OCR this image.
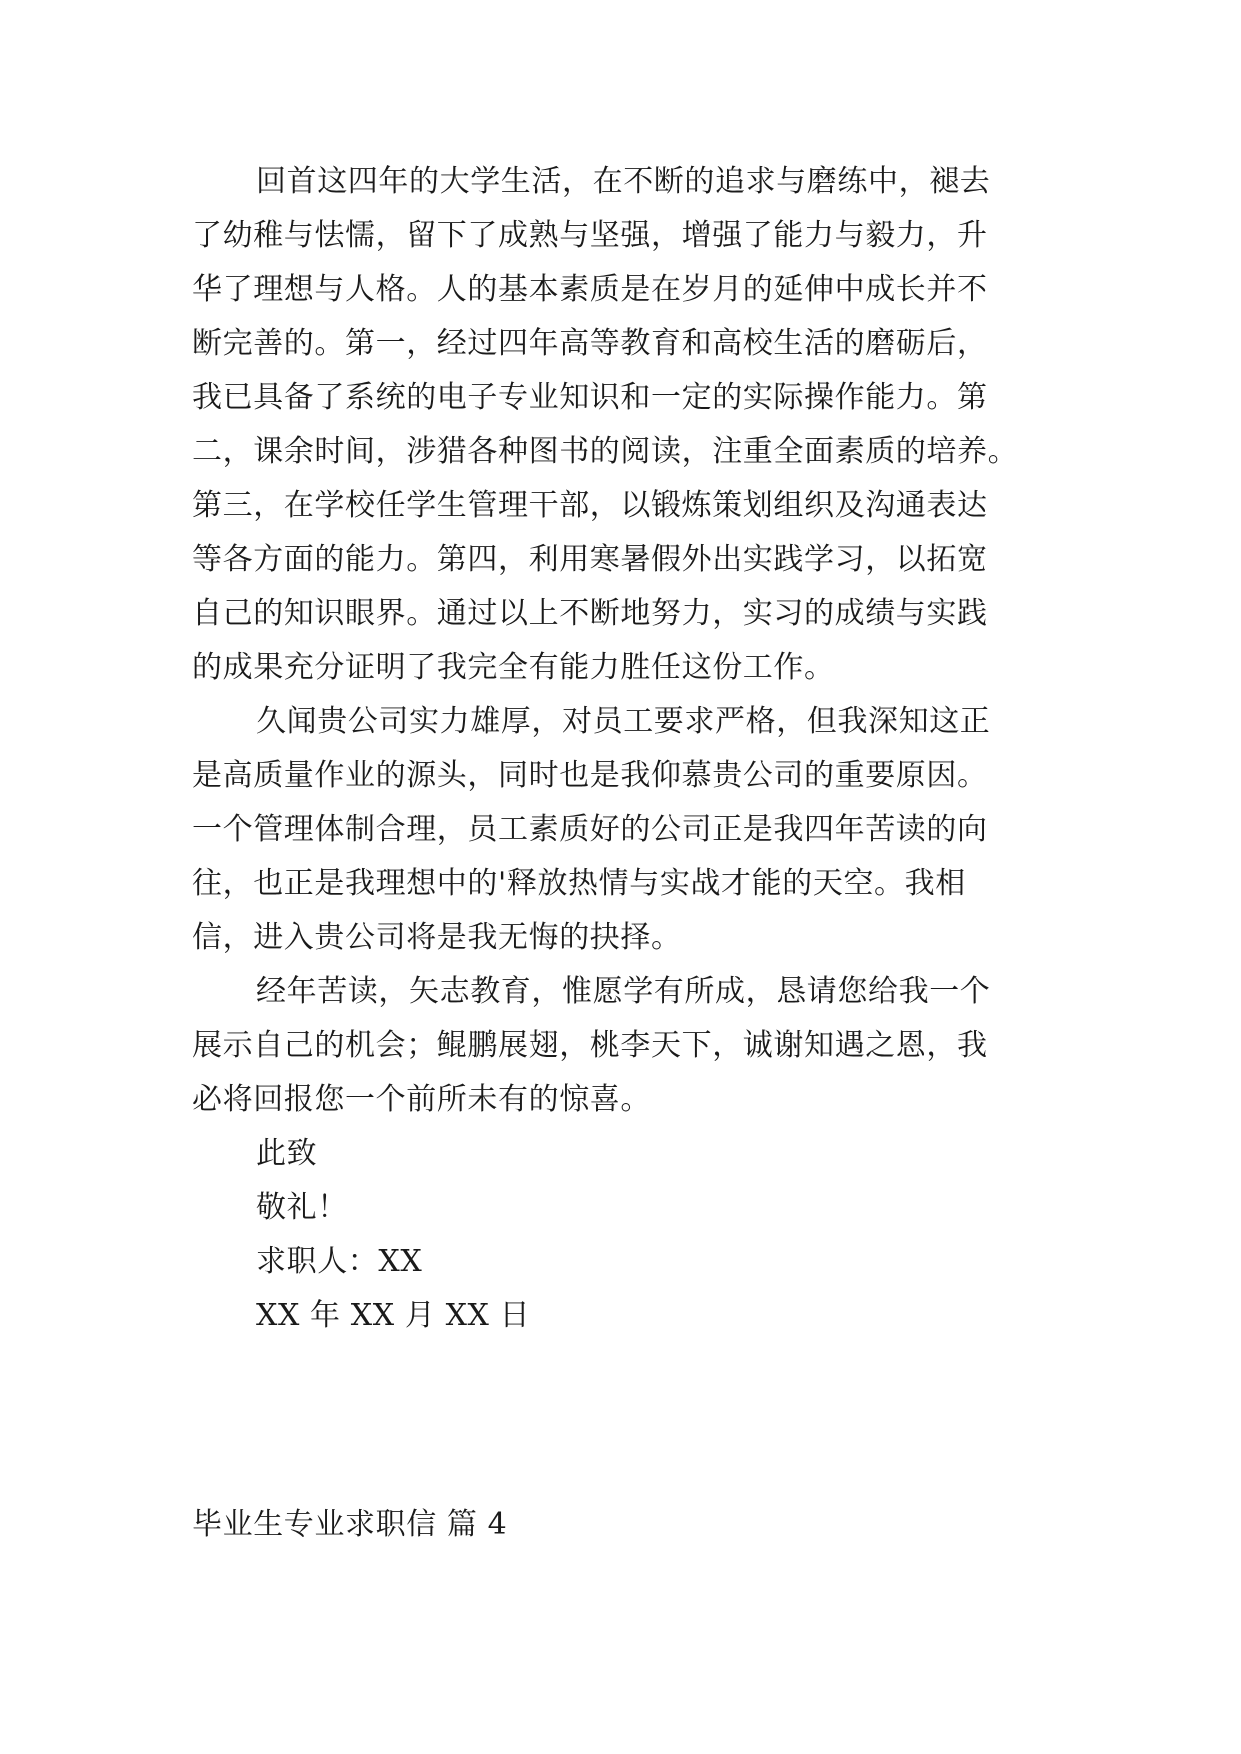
回首这四年的大学生活，在不断的追求与磨练中，褪去
了幼稚与怯懦，留下了成熟与坚强，增强了能力与毅力，升
华了理想与人格。人的基本素质是在岁月的延伸中成长并不
断完善的。第一，经过四年高等教育和高校生活的磨砺后，
我已具备了系统的电子专业知识和一定的实际操作能力。第
二，课余时间，涉猎各种图书的阅读，注重全面素质的培养。
第三，在学校任学生管理干部，以锻炼策划组织及沟通表达
等各方面的能力。第四，利用寒暑假外出实践学习，以拓宽
自己的知识眼界。通过以上不断地努力，实习的成绩与实践
的成果充分证明了我完全有能力胜任这份工作。
久闻贵公司实力雄厚，对员工要求严格，但我深知这正
是高质量作业的源头，同时也是我仰慕贵公司的重要原因。
一个管理体制合理，员工素质好的公司正是我四年苦读的向
往，也正是我理想中的'释放热情与实战才能的天空。我相
信，进入贵公司将是我无悔的抉择。
经年苦读，矢志教育，惟愿学有所成，恳请您给我一个
展示自己的机会；鲲鹏展翅，桃李天下，诚谢知遇之恩，我
必将回报您一个前所未有的惊喜。
此致
敬礼！
求职人：XX
XX 年 XX 月 XX 日
毕业生专业求职信 篇 4
